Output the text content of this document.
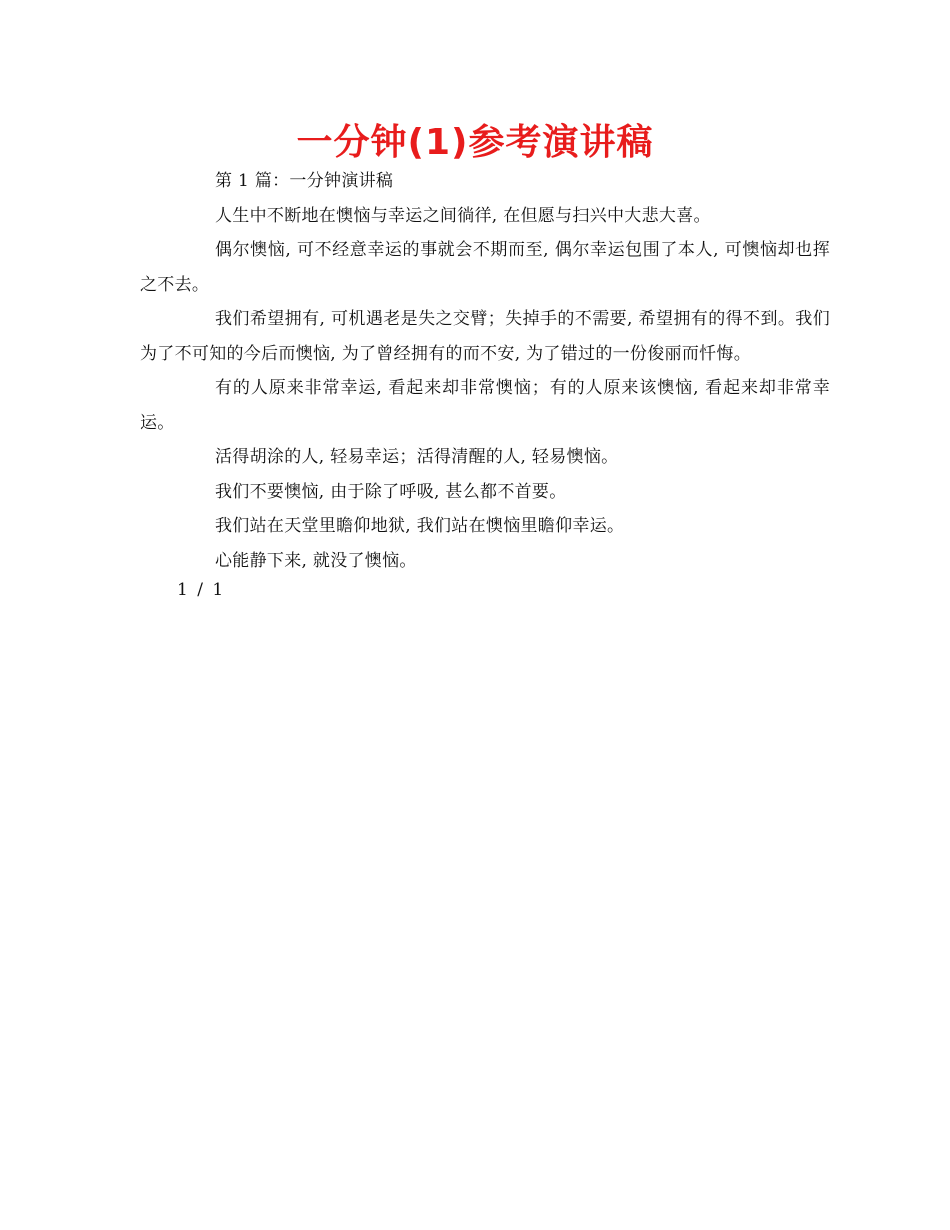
一分钟(1)参考演讲稿

第 1 篇：一分钟演讲稿

人生中不断地在懊恼与幸运之间徜徉, 在但愿与扫兴中大悲大喜。

偶尔懊恼, 可不经意幸运的事就会不期而至, 偶尔幸运包围了本人, 可懊恼却也挥之不去。

我们希望拥有, 可机遇老是失之交臂；失掉手的不需要, 希望拥有的得不到。我们为了不可知的今后而懊恼, 为了曾经拥有的而不安, 为了错过的一份俊丽而忏悔。

有的人原来非常幸运, 看起来却非常懊恼；有的人原来该懊恼, 看起来却非常幸运。

活得胡涂的人, 轻易幸运；活得清醒的人, 轻易懊恼。

我们不要懊恼, 由于除了呼吸, 甚么都不首要。

我们站在天堂里瞻仰地狱, 我们站在懊恼里瞻仰幸运。

心能静下来, 就没了懊恼。

1 / 1
